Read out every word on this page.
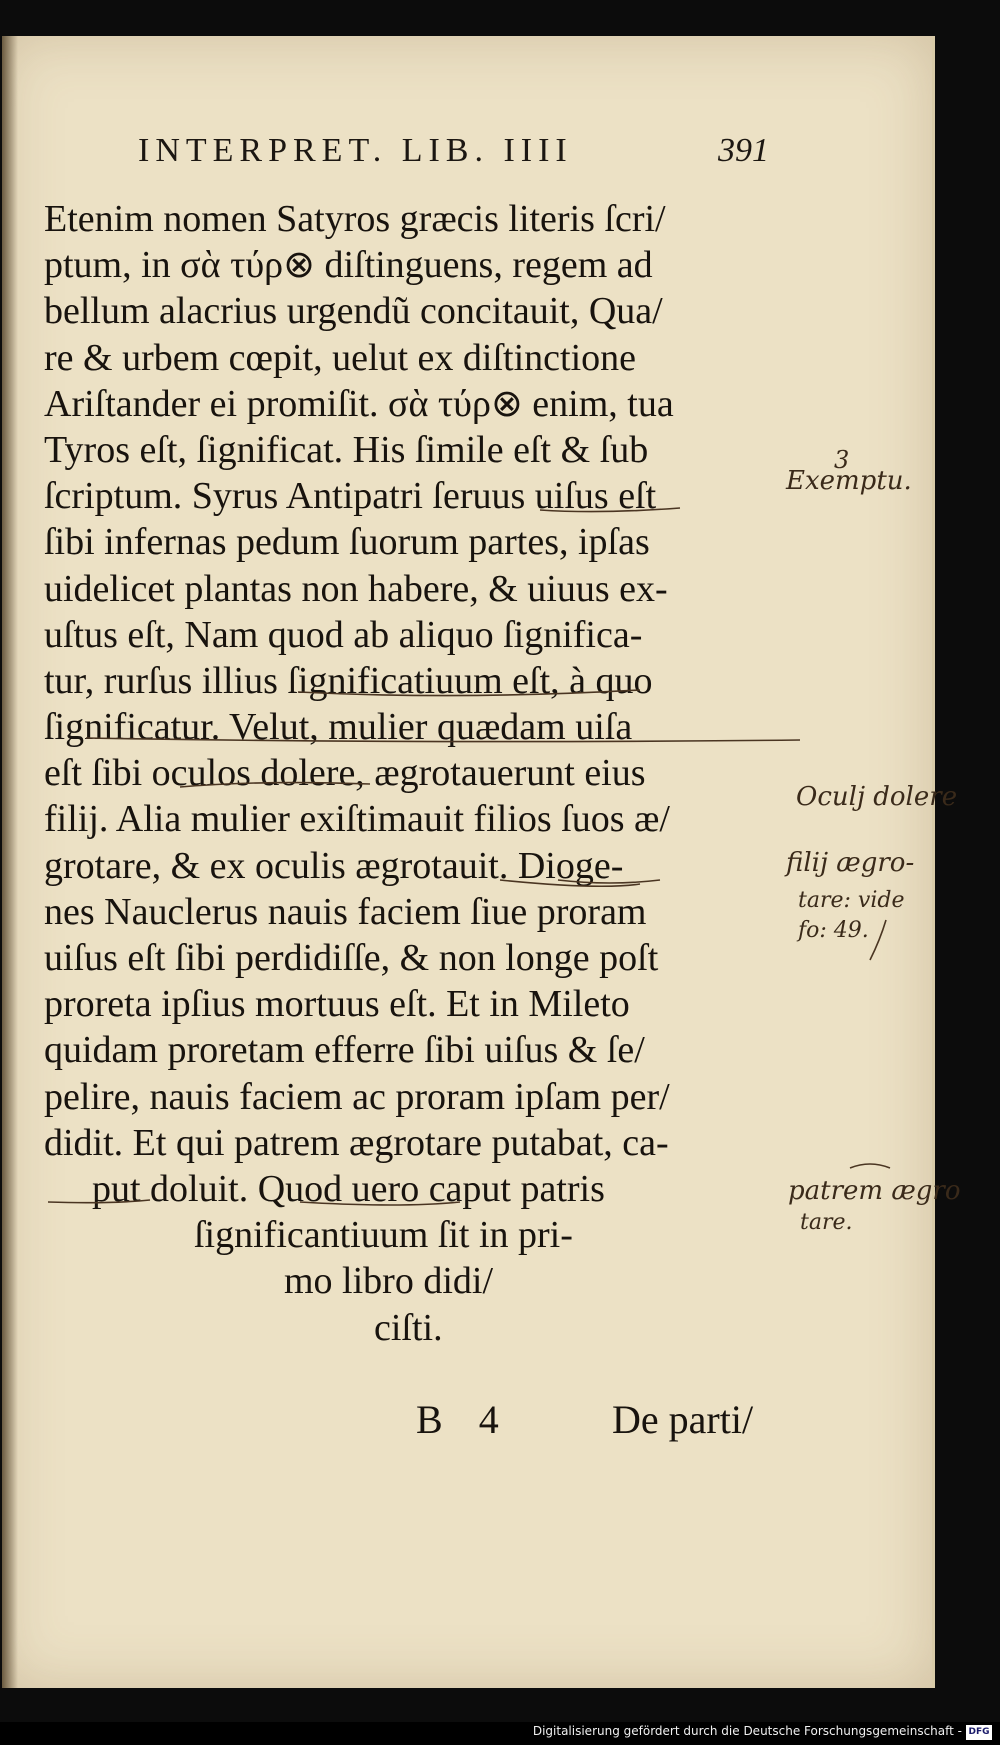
INTERPRET. LIB. IIII	391
Etenim nomen Satyros græcis literis ſcri/
ptum, in σὰ τύρ⊗ diſtinguens, regem ad
bellum alacrius urgendũ concitauit, Qua/
re & urbem cœpit, uelut ex diſtinctione
Ariſtander ei promiſit. σὰ τύρ⊗ enim, tua
Tyros eſt, ſignificat. His ſimile eſt & ſub
ſcriptum. Syrus Antipatri ſeruus uiſus eſt
ſibi infernas pedum ſuorum partes, ipſas
uidelicet plantas non habere, & uiuus ex-
uſtus eſt, Nam quod ab aliquo ſignifica-
tur, rurſus illius ſignificatiuum eſt, à quo
ſignificatur. Velut, mulier quædam uiſa
eſt ſibi oculos dolere, ægrotauerunt eius
filij. Alia mulier exiſtimauit filios ſuos æ/
grotare, & ex oculis ægrotauit. Dioge-
nes Nauclerus nauis faciem ſiue proram
uiſus eſt ſibi perdidiſſe, & non longe poſt
proreta ipſius mortuus eſt. Et in Mileto
quidam proretam efferre ſibi uiſus & ſe/
pelire, nauis faciem ac proram ipſam per/
didit. Et qui patrem ægrotare putabat, ca-
put doluit. Quod uero caput patris
ſignificantiuum ſit in pri-
mo libro didi/
ciſti.
B 4	De parti/
3
Exemptu.
Oculj dolere
filij ægro-
tare: vide
fo: 49.
patrem ægro
tare.
Digitalisierung gefördert durch die Deutsche Forschungsgemeinschaft - DFG
